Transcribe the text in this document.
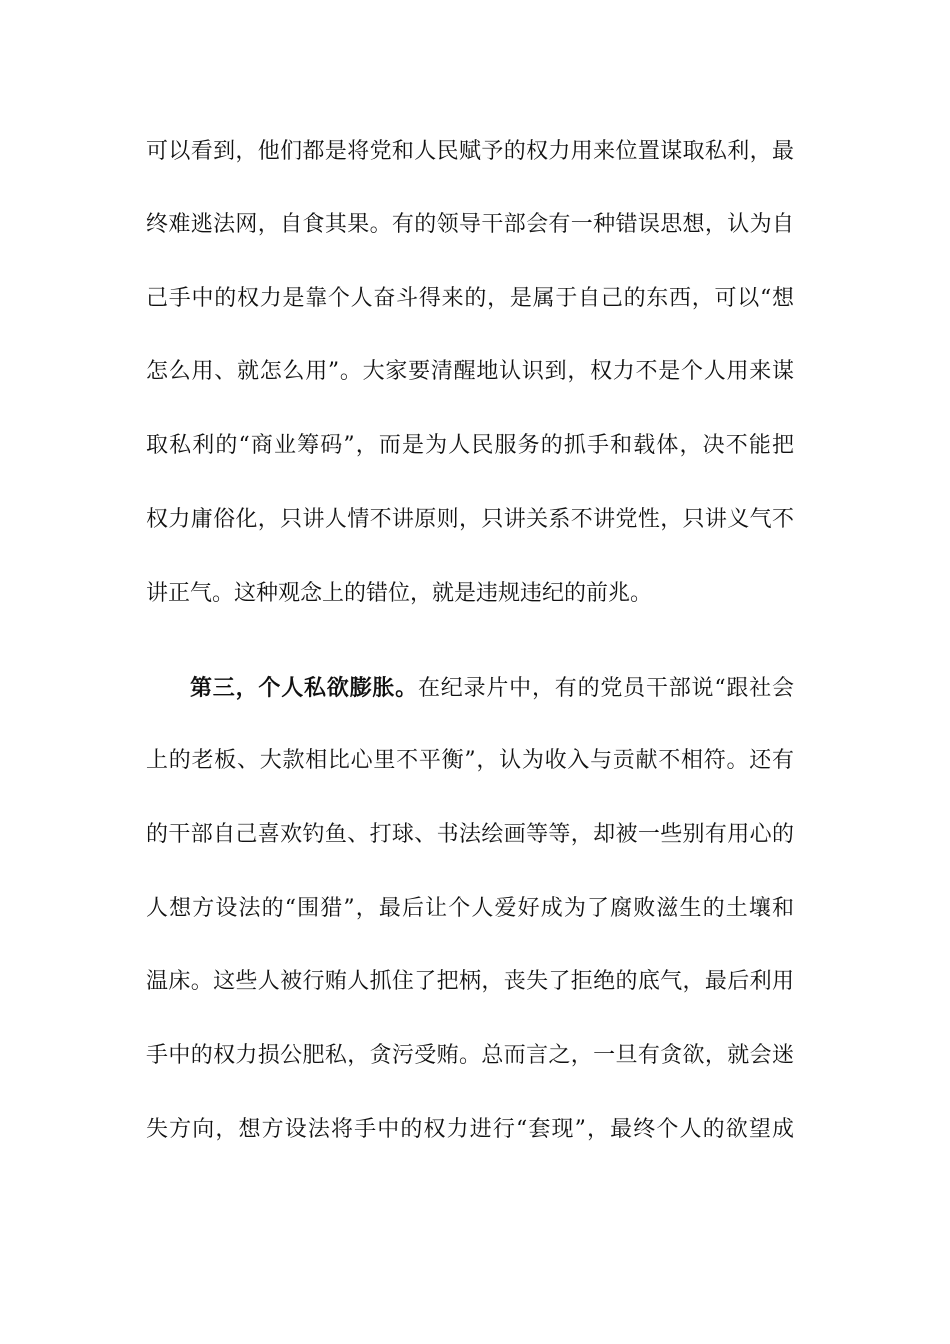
可以看到，他们都是将党和人民赋予的权力用来位置谋取私利，最
终难逃法网，自食其果。有的领导干部会有一种错误思想，认为自
己手中的权力是靠个人奋斗得来的，是属于自己的东西，可以“想
怎么用、就怎么用”。大家要清醒地认识到，权力不是个人用来谋
取私利的“商业筹码”，而是为人民服务的抓手和载体，决不能把
权力庸俗化，只讲人情不讲原则，只讲关系不讲党性，只讲义气不
讲正气。这种观念上的错位，就是违规违纪的前兆。
第三，个人私欲膨胀。在纪录片中，有的党员干部说“跟社会
上的老板、大款相比心里不平衡”，认为收入与贡献不相符。还有
的干部自己喜欢钓鱼、打球、书法绘画等等，却被一些别有用心的
人想方设法的“围猎”，最后让个人爱好成为了腐败滋生的土壤和
温床。这些人被行贿人抓住了把柄，丧失了拒绝的底气，最后利用
手中的权力损公肥私，贪污受贿。总而言之，一旦有贪欲，就会迷
失方向，想方设法将手中的权力进行“套现”，最终个人的欲望成
